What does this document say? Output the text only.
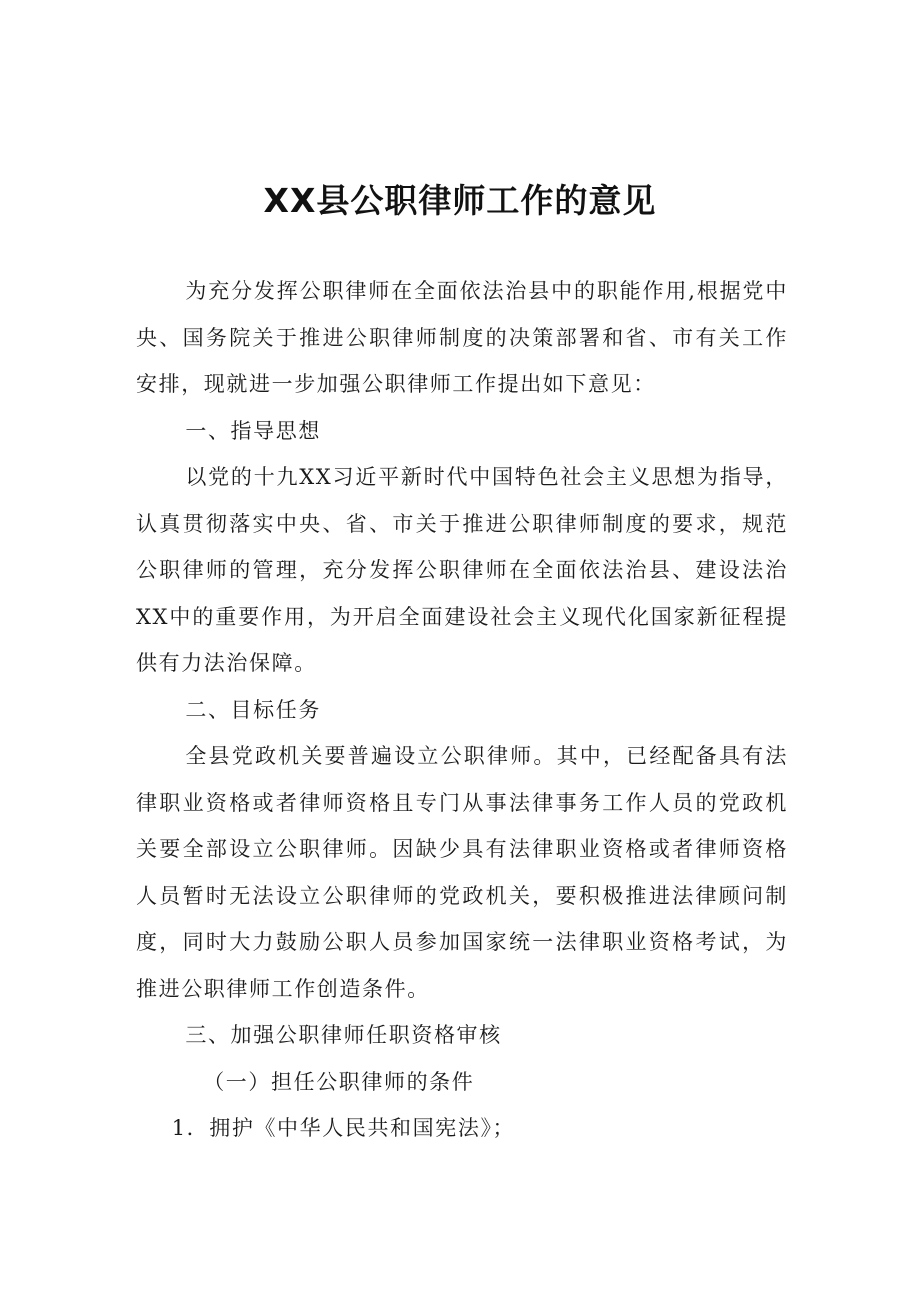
XX县公职律师工作的意见

为充分发挥公职律师在全面依法治县中的职能作用,根据党中央、国务院关于推进公职律师制度的决策部署和省、市有关工作安排，现就进一步加强公职律师工作提出如下意见：

一、指导思想

以党的十九XX习近平新时代中国特色社会主义思想为指导，认真贯彻落实中央、省、市关于推进公职律师制度的要求，规范公职律师的管理，充分发挥公职律师在全面依法治县、建设法治XX中的重要作用，为开启全面建设社会主义现代化国家新征程提供有力法治保障。

二、目标任务

全县党政机关要普遍设立公职律师。其中，已经配备具有法律职业资格或者律师资格且专门从事法律事务工作人员的党政机关要全部设立公职律师。因缺少具有法律职业资格或者律师资格人员暂时无法设立公职律师的党政机关，要积极推进法律顾问制度，同时大力鼓励公职人员参加国家统一法律职业资格考试，为推进公职律师工作创造条件。

三、加强公职律师任职资格审核

（一）担任公职律师的条件

1．拥护《中华人民共和国宪法》；
